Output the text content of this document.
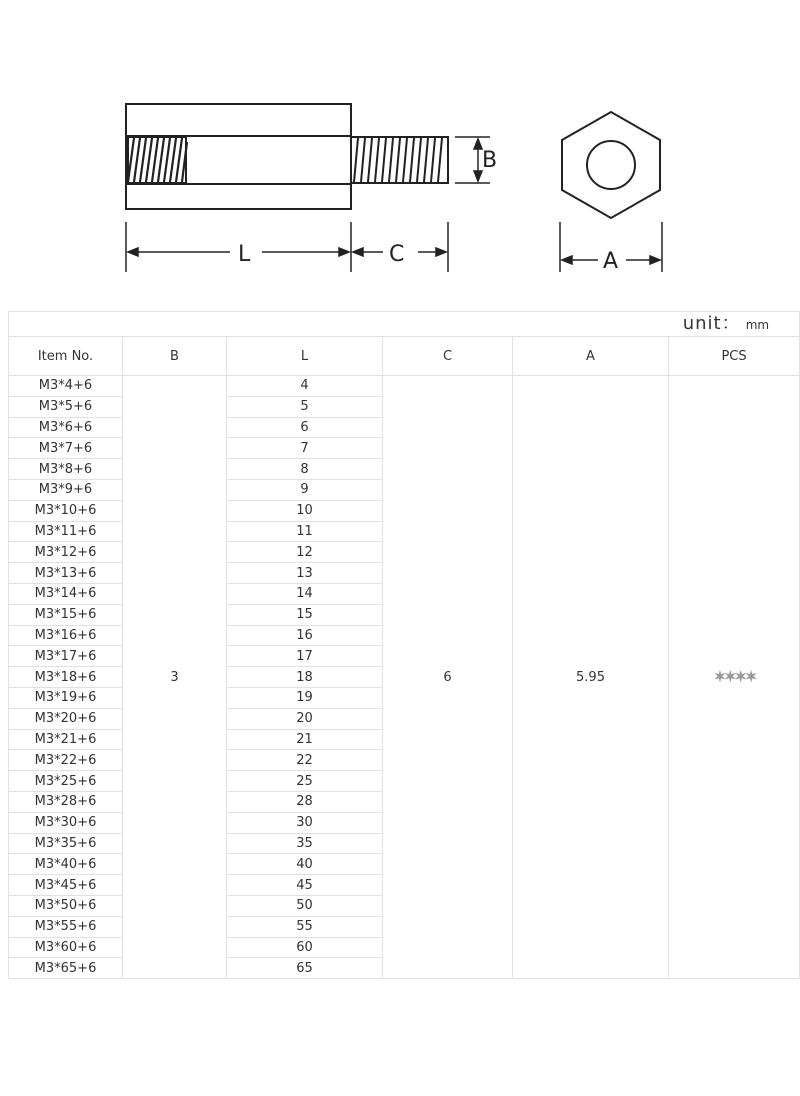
B
L	C	A
unit： mm					
Item No.	B	L	C	A	PCS
M3*4+6	3	4	6	5.95	✶✶✶✶
M3*5+6		5			
M3*6+6		6			
M3*7+6		7			
M3*8+6		8			
M3*9+6		9			
M3*10+6		10			
M3*11+6		11			
M3*12+6		12			
M3*13+6		13			
M3*14+6		14			
M3*15+6		15			
M3*16+6		16			
M3*17+6		17			
M3*18+6		18			
M3*19+6		19			
M3*20+6		20			
M3*21+6		21			
M3*22+6		22			
M3*25+6		25			
M3*28+6		28			
M3*30+6		30			
M3*35+6		35			
M3*40+6		40			
M3*45+6		45			
M3*50+6		50			
M3*55+6		55			
M3*60+6		60			
M3*65+6		65			
